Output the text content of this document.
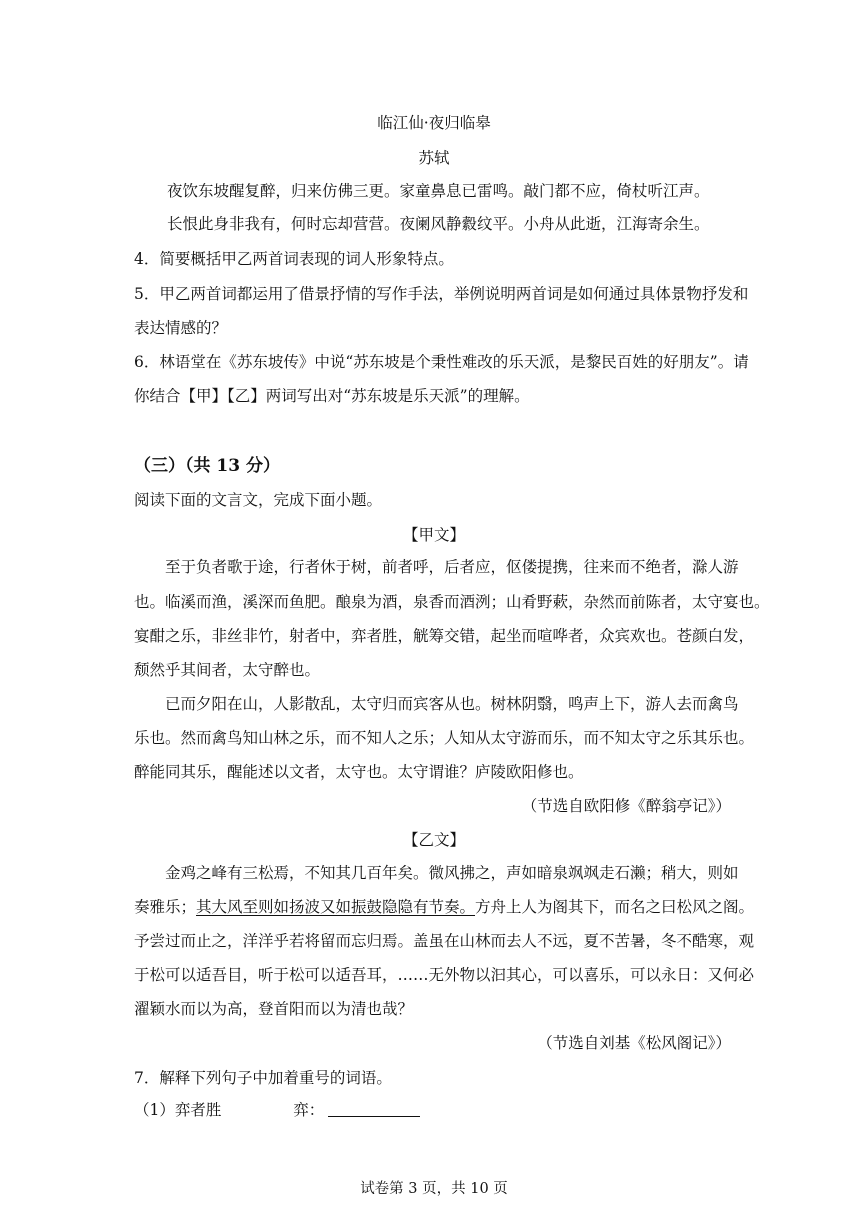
临江仙·夜归临皋
苏轼
夜饮东坡醒复醉，归来仿佛三更。家童鼻息已雷鸣。敲门都不应，倚杖听江声。
长恨此身非我有，何时忘却营营。夜阑风静縠纹平。小舟从此逝，江海寄余生。
4．简要概括甲乙两首词表现的词人形象特点。
5．甲乙两首词都运用了借景抒情的写作手法，举例说明两首词是如何通过具体景物抒发和
表达情感的？
6．林语堂在《苏东坡传》中说“苏东坡是个秉性难改的乐天派，是黎民百姓的好朋友”。请
你结合【甲】【乙】两词写出对“苏东坡是乐天派”的理解。
（三）（共 13 分）
阅读下面的文言文，完成下面小题。
【甲文】
至于负者歌于途，行者休于树，前者呼，后者应，伛偻提携，往来而不绝者，滁人游
也。临溪而渔，溪深而鱼肥。酿泉为酒，泉香而酒洌；山肴野蔌，杂然而前陈者，太守宴也。
宴酣之乐，非丝非竹，射者中，弈者胜，觥筹交错，起坐而喧哗者，众宾欢也。苍颜白发，
颓然乎其间者，太守醉也。
已而夕阳在山，人影散乱，太守归而宾客从也。树林阴翳，鸣声上下，游人去而禽鸟
乐也。然而禽鸟知山林之乐，而不知人之乐；人知从太守游而乐，而不知太守之乐其乐也。
醉能同其乐，醒能述以文者，太守也。太守谓谁？庐陵欧阳修也。
（节选自欧阳修《醉翁亭记》）
【乙文】
金鸡之峰有三松焉，不知其几百年矣。微风拂之，声如暗泉飒飒走石濑；稍大，则如
奏雅乐；其大风至则如扬波又如振鼓隐隐有节奏。方舟上人为阁其下，而名之曰松风之阁。
予尝过而止之，洋洋乎若将留而忘归焉。盖虽在山林而去人不远，夏不苦暑，冬不酷寒，观
于松可以适吾目，听于松可以适吾耳，……无外物以汩其心，可以喜乐，可以永日：又何必
濯颖水而以为高，登首阳而以为清也哉？
（节选自刘基《松风阁记》）
7．解释下列句子中加着重号的词语。
（1）弈者胜	弈：
试卷第 3 页，共 10 页
